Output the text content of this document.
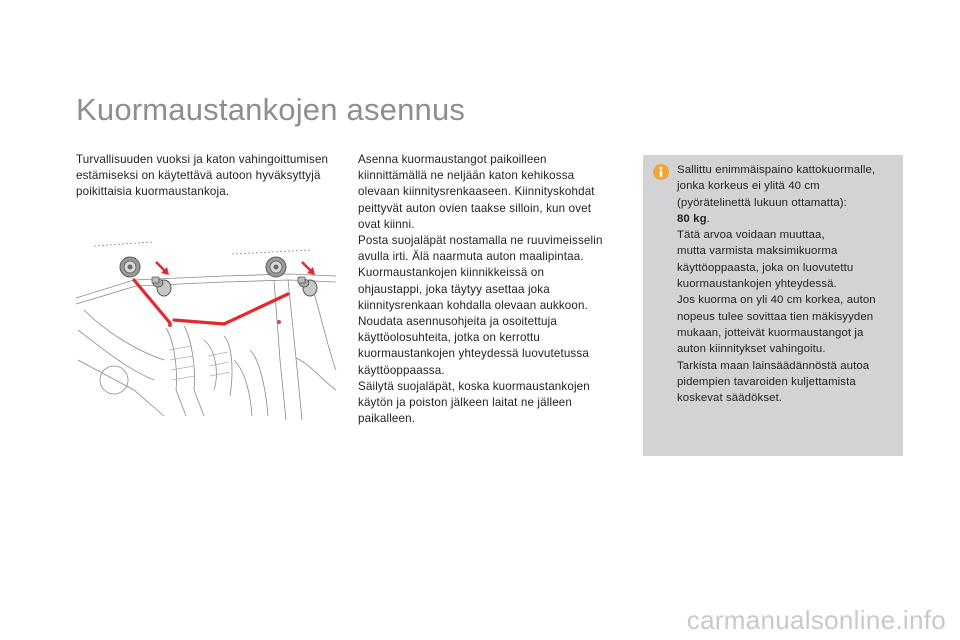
Kuormaustankojen asennus

Turvallisuuden vuoksi ja katon vahingoittumisen

estämiseksi on käytettävä autoon hyväksyttyjä

poikittaisia kuormaustankoja.

Asenna kuormaustangot paikoilleen

kiinnittämällä ne neljään katon kehikossa

olevaan kiinnitysrenkaaseen. Kiinnityskohdat

peittyvät auton ovien taakse silloin, kun ovet

ovat kiinni.

Posta suojaläpät nostamalla ne ruuvimeisselin

avulla irti. Älä naarmuta auton maalipintaa.

Kuormaustankojen kiinnikkeissä on

ohjaustappi, joka täytyy asettaa joka

kiinnitysrenkaan kohdalla olevaan aukkoon.

Noudata asennusohjeita ja osoitettuja

käyttöolosuhteita, jotka on kerrottu

kuormaustankojen yhteydessä luovutetussa

käyttöoppaassa.

Säilytä suojaläpät, koska kuormaustankojen

käytön ja poiston jälkeen laitat ne jälleen

paikalleen.

Sallittu enimmäispaino kattokuormalle,

jonka korkeus ei ylitä 40 cm

(pyörätelinettä lukuun ottamatta):

80 kg.

Tätä arvoa voidaan muuttaa,

mutta varmista maksimikuorma

käyttöoppaasta, joka on luovutettu

kuormaustankojen yhteydessä.

Jos kuorma on yli 40 cm korkea, auton

nopeus tulee sovittaa tien mäkisyyden

mukaan, jotteivät kuormaustangot ja

auton kiinnitykset vahingoitu.

Tarkista maan lainsäädännöstä autoa

pidempien tavaroiden kuljettamista

koskevat säädökset.

carmanualsonline.info
